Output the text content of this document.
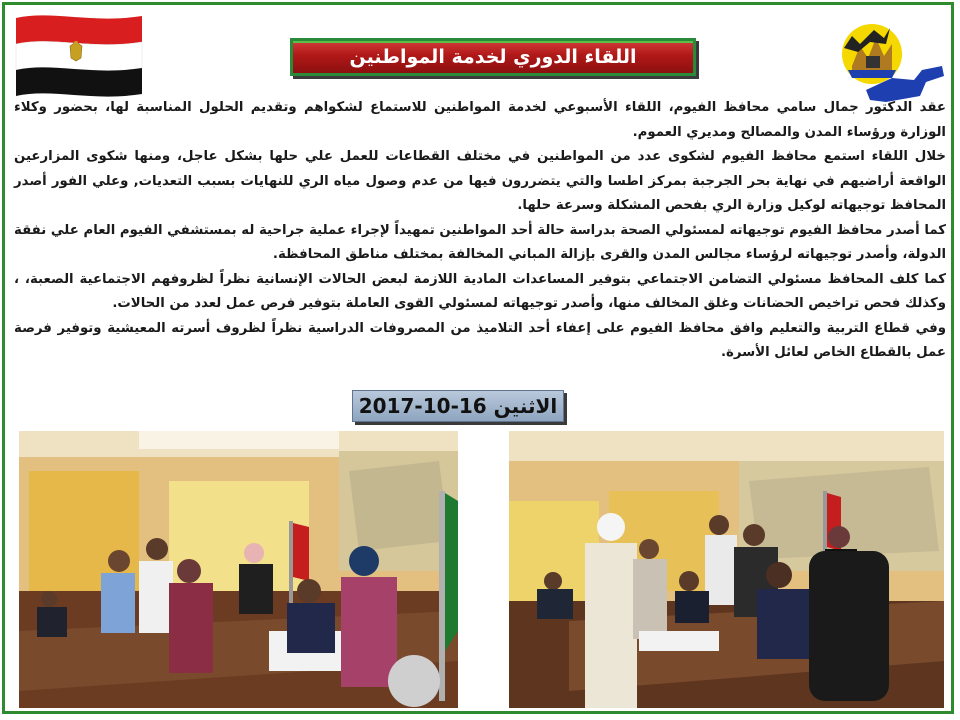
اللقاء الدوري لخدمة المواطنين

عقد الدكتور جمال سامي محافظ الفيوم، اللقاء الأسبوعي لخدمة المواطنين للاستماع لشكواهم وتقديم الحلول المناسبة لها، بحضور وكلاء الوزارة ورؤساء المدن والمصالح ومديري العموم.

خلال اللقاء استمع محافظ الفيوم لشكوى عدد من المواطنين في مختلف القطاعات للعمل علي حلها بشكل عاجل، ومنها شكوى المزارعين الواقعة أراضيهم في نهاية بحر الجرجبة بمركز اطسا والتي يتضررون فيها من عدم وصول مياه الري للنهايات بسبب التعديات, وعلي الفور أصدر المحافظ توجيهاته لوكيل وزارة الري بفحص المشكلة وسرعة حلها.

كما أصدر محافظ الفيوم توجيهاته لمسئولي الصحة بدراسة حالة أحد المواطنين تمهيداً لإجراء عملية جراحية له بمستشفي الفيوم العام علي نفقة الدولة، وأصدر توجيهاته لرؤساء مجالس المدن والقرى بإزالة المباني المخالفة بمختلف مناطق المحافظة.

كما كلف المحافظ مسئولي التضامن الاجتماعي بتوفير المساعدات المادية اللازمة لبعض الحالات الإنسانية نظراً لظروفهم الاجتماعية الصعبة، ، وكذلك فحص تراخيص الحضانات وغلق المخالف منها، وأصدر توجيهاته لمسئولي القوى العاملة بتوفير فرص عمل لعدد من الحالات.

وفي قطاع التربية والتعليم وافق محافظ الفيوم على إعفاء أحد التلاميذ من المصروفات الدراسية نظراً لظروف أسرته المعيشية وتوفير فرصة عمل بالقطاع الخاص لعائل الأسرة.

الاثنين 16-10-2017
